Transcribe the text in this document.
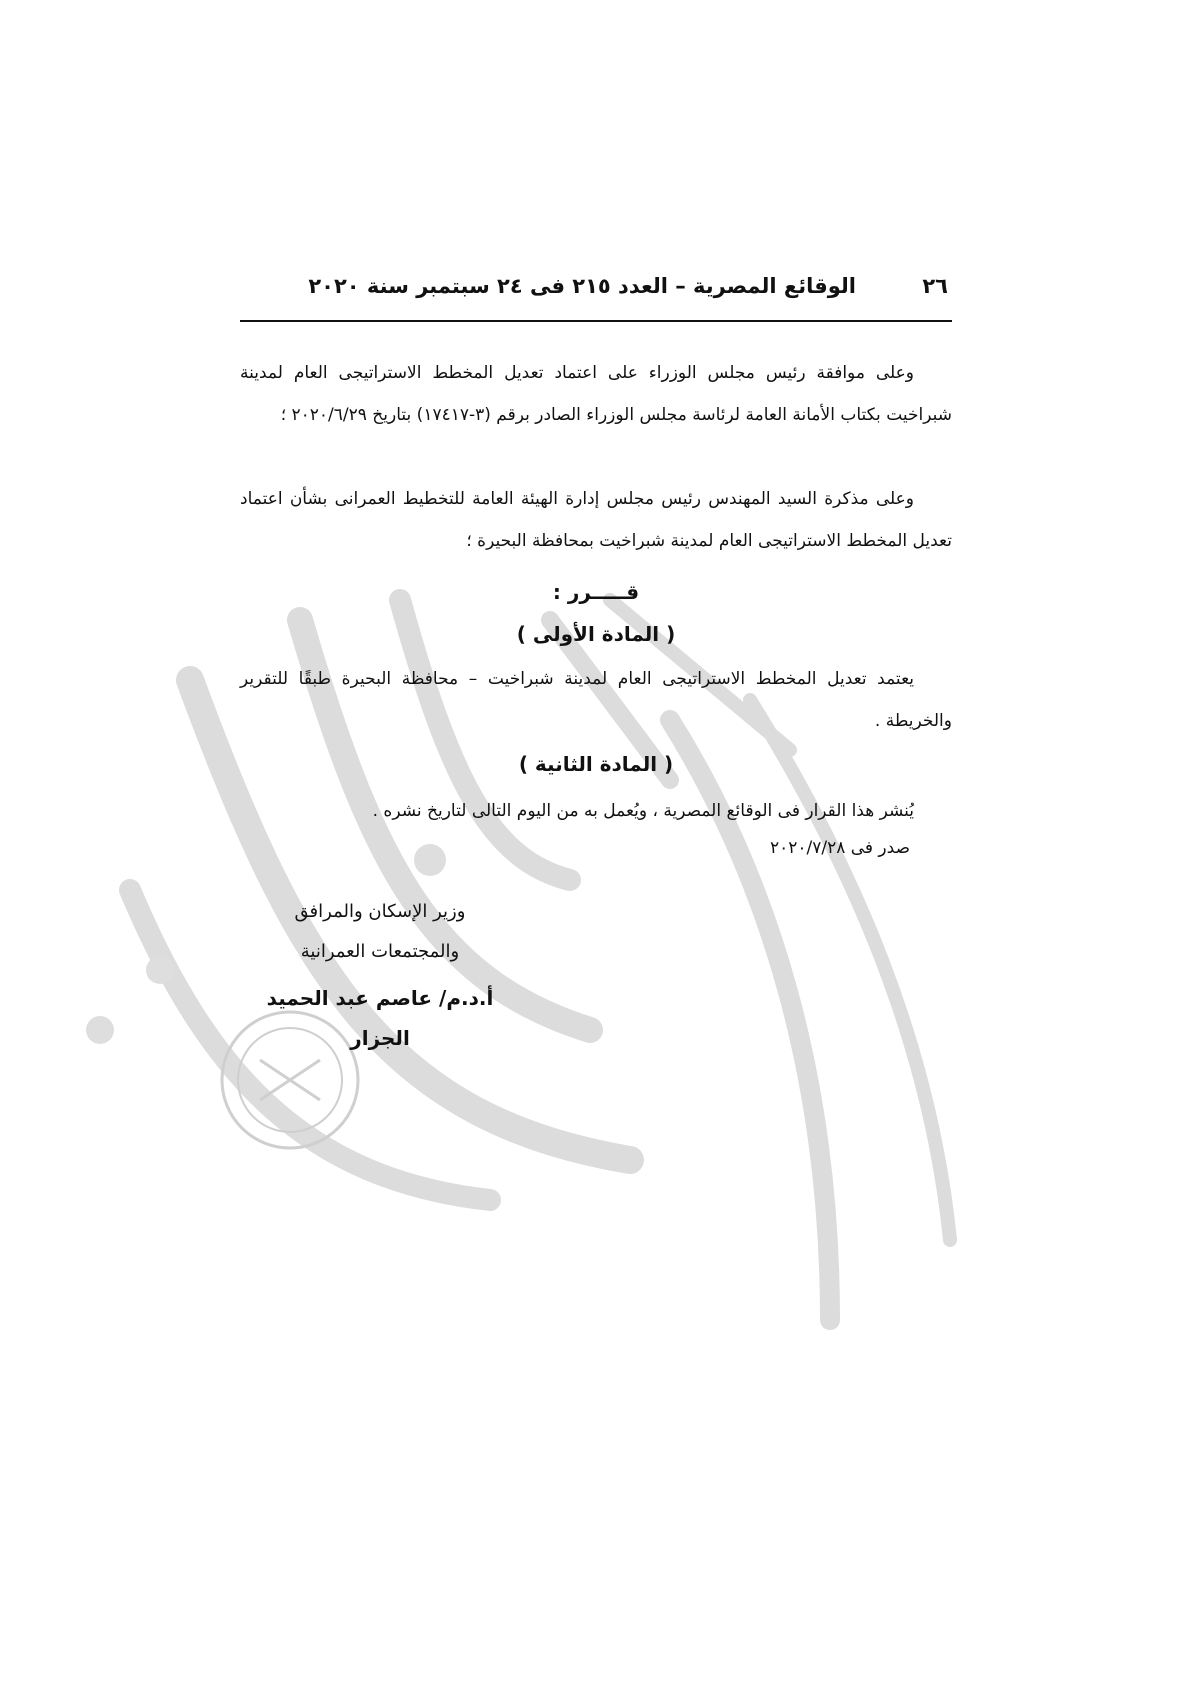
٢٦
الوقائع المصرية – العدد ٢١٥ فى ٢٤ سبتمبر سنة ٢٠٢٠
وعلى موافقة رئيس مجلس الوزراء على اعتماد تعديل المخطط الاستراتيجى العام لمدينة شبراخيت بكتاب الأمانة العامة لرئاسة مجلس الوزراء الصادر برقم (٣-١٧٤١٧) بتاريخ ٢٠٢٠/٦/٢٩ ؛
وعلى مذكرة السيد المهندس رئيس مجلس إدارة الهيئة العامة للتخطيط العمرانى بشأن اعتماد تعديل المخطط الاستراتيجى العام لمدينة شبراخيت بمحافظة البحيرة ؛
قـــــرر :
( المادة الأولى )
يعتمد تعديل المخطط الاستراتيجى العام لمدينة شبراخيت – محافظة البحيرة طبقًا للتقرير والخريطة .
( المادة الثانية )
يُنشر هذا القرار فى الوقائع المصرية ، ويُعمل به من اليوم التالى لتاريخ نشره .
صدر فى ٢٠٢٠/٧/٢٨
وزير الإسكان والمرافق
والمجتمعات العمرانية
أ.د.م/ عاصم عبد الحميد الجزار
